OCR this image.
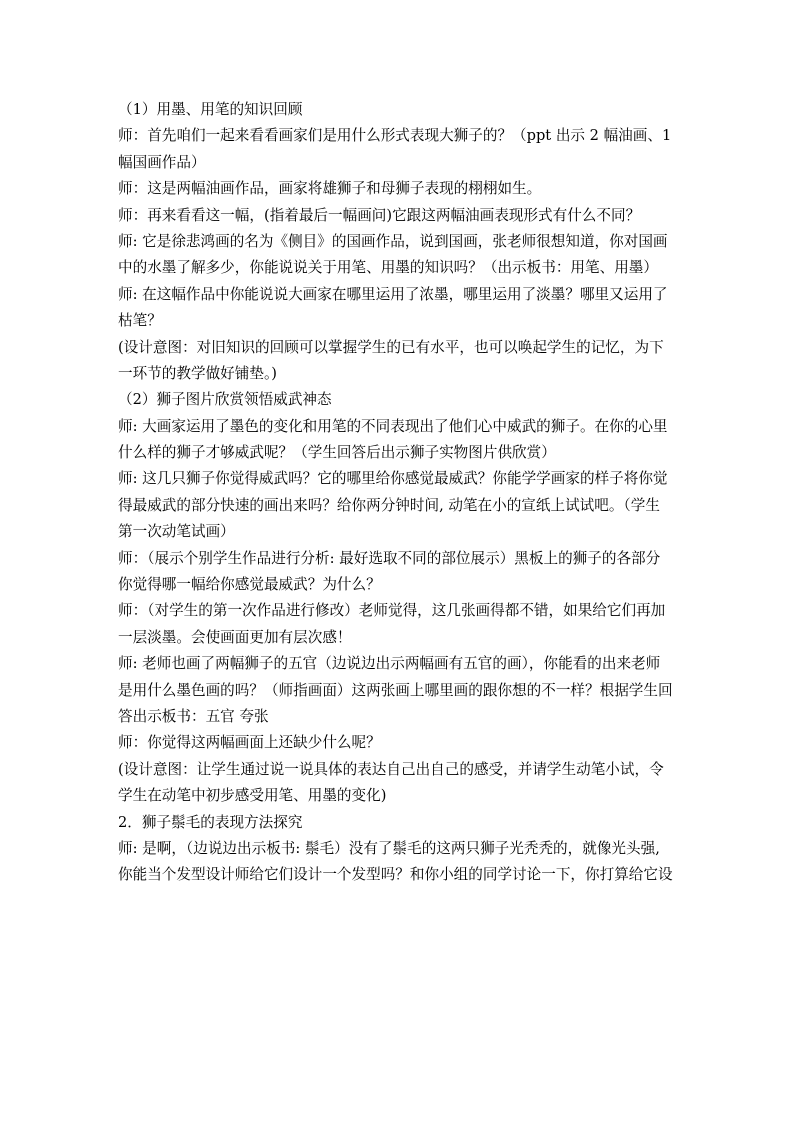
（1）用墨、用笔的知识回顾
师：首先咱们一起来看看画家们是用什么形式表现大狮子的？（ppt 出示 2 幅油画、1
幅国画作品）
师：这是两幅油画作品，画家将雄狮子和母狮子表现的栩栩如生。
师：再来看看这一幅，(指着最后一幅画问)它跟这两幅油画表现形式有什么不同？
师: 它是徐悲鸿画的名为《侧目》的国画作品，说到国画，张老师很想知道，你对国画
中的水墨了解多少，你能说说关于用笔、用墨的知识吗？（出示板书：用笔、用墨）
师: 在这幅作品中你能说说大画家在哪里运用了浓墨，哪里运用了淡墨？哪里又运用了
枯笔？
(设计意图：对旧知识的回顾可以掌握学生的已有水平，也可以唤起学生的记忆，为下
一环节的教学做好铺垫。)
（2）狮子图片欣赏领悟威武神态
师: 大画家运用了墨色的变化和用笔的不同表现出了他们心中威武的狮子。在你的心里
什么样的狮子才够威武呢？（学生回答后出示狮子实物图片供欣赏）
师: 这几只狮子你觉得威武吗？它的哪里给你感觉最威武？你能学学画家的样子将你觉
得最威武的部分快速的画出来吗？给你两分钟时间, 动笔在小的宣纸上试试吧。（学生
第一次动笔试画）
师：（展示个别学生作品进行分析: 最好选取不同的部位展示）黑板上的狮子的各部分
你觉得哪一幅给你感觉最威武？为什么？
师：（对学生的第一次作品进行修改）老师觉得，这几张画得都不错，如果给它们再加
一层淡墨。会使画面更加有层次感！
师: 老师也画了两幅狮子的五官（边说边出示两幅画有五官的画），你能看的出来老师
是用什么墨色画的吗？（师指画面）这两张画上哪里画的跟你想的不一样？根据学生回
答出示板书：五官 夸张
师：你觉得这两幅画面上还缺少什么呢？
(设计意图：让学生通过说一说具体的表达自己出自己的感受，并请学生动笔小试，令
学生在动笔中初步感受用笔、用墨的变化)
2．狮子鬃毛的表现方法探究
师: 是啊，（边说边出示板书: 鬃毛）没有了鬃毛的这两只狮子光秃秃的，就像光头强,
你能当个发型设计师给它们设计一个发型吗？和你小组的同学讨论一下，你打算给它设
